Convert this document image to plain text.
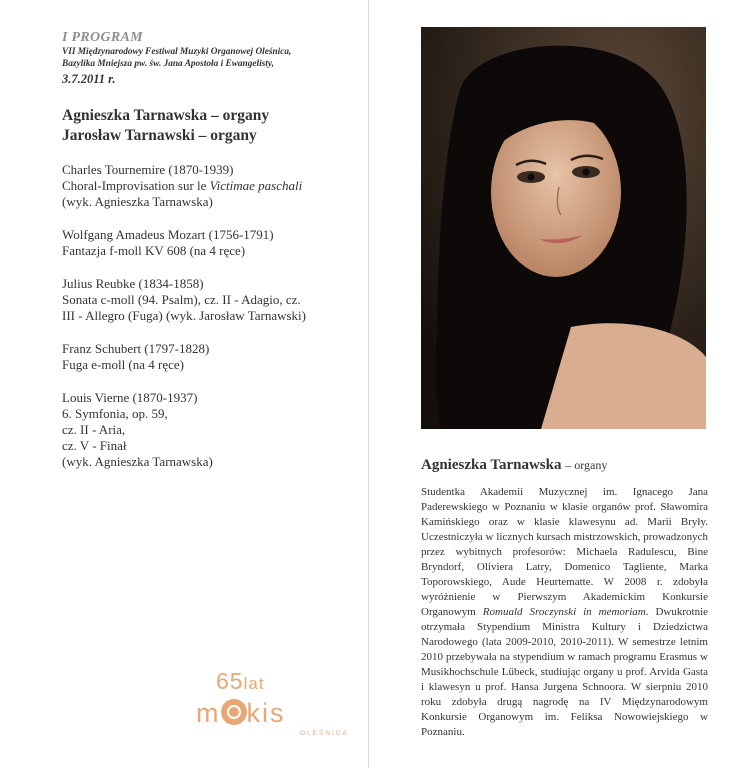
I PROGRAM

VII Międzynarodowy Festiwal Muzyki Organowej Oleśnica,

Bazylika Mniejsza pw. św. Jana Apostoła i Ewangelisty,

3.7.2011 r.

Agnieszka Tarnawska – organy
Jarosław Tarnawski – organy
Charles Tournemire (1870-1939)
Choral-Improvisation sur le Victimae paschali
(wyk. Agnieszka Tarnawska)
Wolfgang Amadeus Mozart (1756-1791)
Fantazja f-moll KV 608 (na 4 ręce)
Julius Reubke (1834-1858)
Sonata c-moll (94. Psalm), cz. II - Adagio, cz.
III - Allegro (Fuga) (wyk. Jarosław Tarnawski)
Franz Schubert (1797-1828)
Fuga e-moll (na 4 ręce)
Louis Vierne (1870-1937)
6. Symfonia, op. 59,
cz. II - Aria,
cz. V - Finał
(wyk. Agnieszka Tarnawska)
65lat
m kis
OLEŚNICA

Agnieszka Tarnawska – organy

Studentka Akademii Muzycznej im. Ignacego Jana Paderewskiego w Poznaniu w klasie organów prof. Sławomira Kamińskiego oraz w klasie klawesynu ad. Marii Bryły. Uczestniczyła w licznych kursach mistrzowskich, prowadzonych przez wybitnych profesorów: Michaela Radulescu, Bine Bryndorf, Oliviera Latry, Domenico Tagliente, Marka Toporowskiego, Aude Heurtematte. W 2008 r. zdobyła wyróżnienie w Pierwszym Akademickim Konkursie Organowym Romuald Sroczynski in memoriam. Dwukrotnie otrzymała Stypendium Ministra Kultury i Dziedzictwa Narodowego (lata 2009-2010, 2010-2011). W semestrze letnim 2010 przebywała na stypendium w ramach programu Erasmus w Musikhochschule Lübeck, studiując organy u prof. Arvida Gasta i klawesyn u prof. Hansa Jurgena Schnoora. W sierpniu 2010 roku zdobyła drugą nagrodę na IV Międzynarodowym Konkursie Organowym im. Feliksa Nowowiejskiego w Poznaniu.
